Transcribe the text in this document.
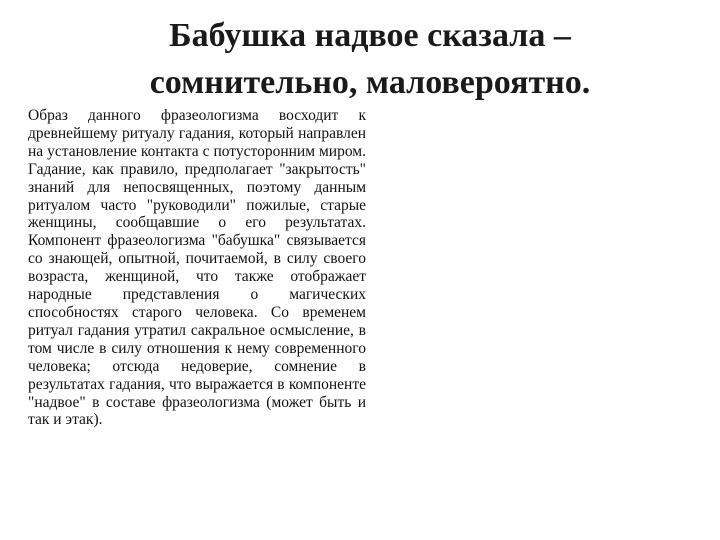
Бабушка надвое сказала –
сомнительно, маловероятно.

Образ данного фразеологизма восходит к древнейшему ритуалу гадания, который направлен на установление контакта с потусторонним миром. Гадание, как правило, предполагает "закрытость" знаний для непосвященных, поэтому данным ритуалом часто "руководили" пожилые, старые женщины, сообщавшие о его результатах. Компонент фразеологизма "бабушка" связывается со знающей, опытной, почитаемой, в силу своего возраста, женщиной, что также отображает народные представления о магических способностях старого человека. Со временем ритуал гадания утратил сакральное осмысление, в том числе в силу отношения к нему современного человека; отсюда недоверие, сомнение в результатах гадания, что выражается в компоненте "надвое" в составе фразеологизма (может быть и так и этак).
